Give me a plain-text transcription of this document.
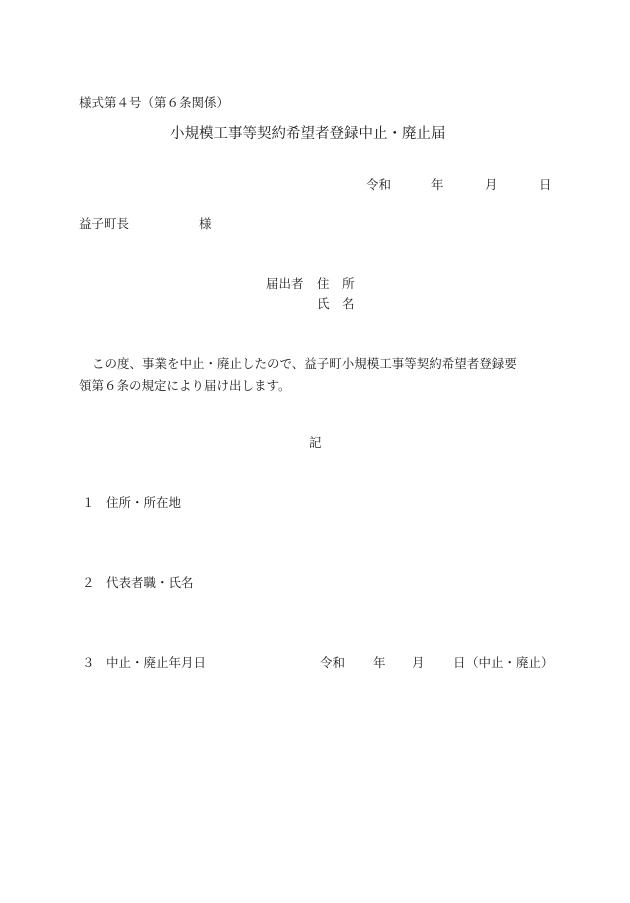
様式第４号（第６条関係）
小規模工事等契約希望者登録中止・廃止届
令和	年	月	日
益子町長	様
届出者 住　所
氏　名
この度、事業を中止・廃止したので、益子町小規模工事等契約希望者登録要
領第６条の規定により届け出します。
記
１ 住所・所在地
２ 代表者職・氏名
３ 中止・廃止年月日	令和 年 月 日 （中止・廃止）
